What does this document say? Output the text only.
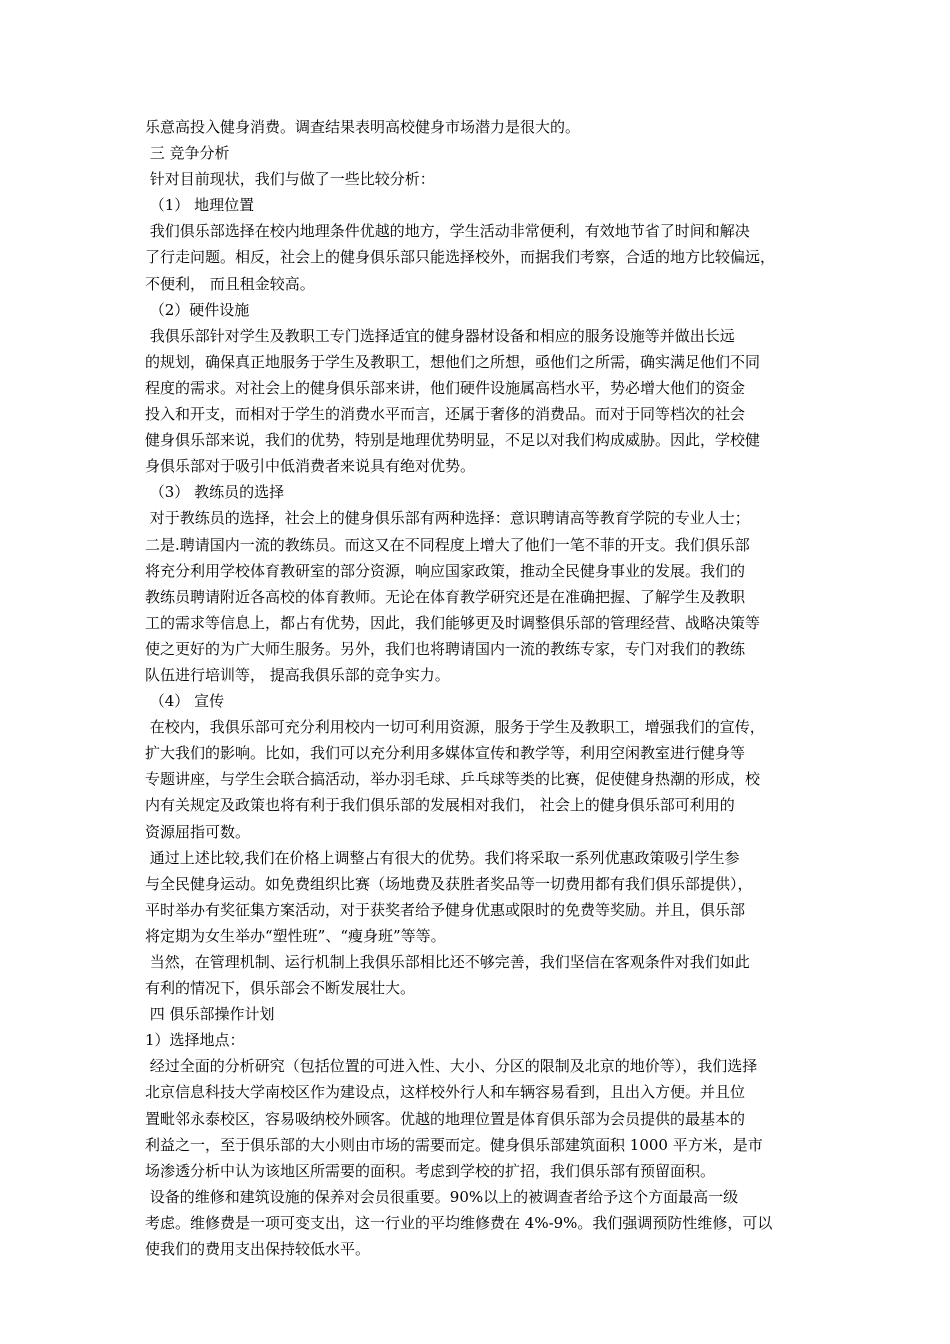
乐意高投入健身消费。调查结果表明高校健身市场潜力是很大的。
三 竞争分析
针对目前现状，我们与做了一些比较分析：
（1） 地理位置
我们俱乐部选择在校内地理条件优越的地方，学生活动非常便利，有效地节省了时间和解决
了行走问题。相反，社会上的健身俱乐部只能选择校外，而据我们考察，合适的地方比较偏远，
不便利， 而且租金较高。
（2）硬件设施
我俱乐部针对学生及教职工专门选择适宜的健身器材设备和相应的服务设施等并做出长远
的规划，确保真正地服务于学生及教职工，想他们之所想，亟他们之所需，确实满足他们不同
程度的需求。对社会上的健身俱乐部来讲，他们硬件设施属高档水平，势必增大他们的资金
投入和开支，而相对于学生的消费水平而言，还属于奢侈的消费品。而对于同等档次的社会
健身俱乐部来说，我们的优势，特别是地理优势明显，不足以对我们构成威胁。因此，学校健
身俱乐部对于吸引中低消费者来说具有绝对优势。
（3） 教练员的选择
对于教练员的选择，社会上的健身俱乐部有两种选择：意识聘请高等教育学院的专业人士；
二是.聘请国内一流的教练员。而这又在不同程度上增大了他们一笔不菲的开支。我们俱乐部
将充分利用学校体育教研室的部分资源，响应国家政策，推动全民健身事业的发展。我们的
教练员聘请附近各高校的体育教师。无论在体育教学研究还是在准确把握、了解学生及教职
工的需求等信息上，都占有优势，因此，我们能够更及时调整俱乐部的管理经营、战略决策等
使之更好的为广大师生服务。另外，我们也将聘请国内一流的教练专家，专门对我们的教练
队伍进行培训等， 提高我俱乐部的竞争实力。
（4） 宣传
在校内，我俱乐部可充分利用校内一切可利用资源，服务于学生及教职工，增强我们的宣传，
扩大我们的影响。比如，我们可以充分利用多媒体宣传和教学等，利用空闲教室进行健身等
专题讲座，与学生会联合搞活动，举办羽毛球、乒乓球等类的比赛，促使健身热潮的形成，校
内有关规定及政策也将有利于我们俱乐部的发展相对我们， 社会上的健身俱乐部可利用的
资源屈指可数。
通过上述比较,我们在价格上调整占有很大的优势。我们将采取一系列优惠政策吸引学生参
与全民健身运动。如免费组织比赛（场地费及获胜者奖品等一切费用都有我们俱乐部提供），
平时举办有奖征集方案活动，对于获奖者给予健身优惠或限时的免费等奖励。并且，俱乐部
将定期为女生举办“塑性班”、“瘦身班”等等。
当然，在管理机制、运行机制上我俱乐部相比还不够完善，我们坚信在客观条件对我们如此
有利的情况下，俱乐部会不断发展壮大。
四 俱乐部操作计划
1）选择地点：
经过全面的分析研究（包括位置的可进入性、大小、分区的限制及北京的地价等），我们选择
北京信息科技大学南校区作为建设点，这样校外行人和车辆容易看到，且出入方便。并且位
置毗邻永泰校区，容易吸纳校外顾客。优越的地理位置是体育俱乐部为会员提供的最基本的
利益之一，至于俱乐部的大小则由市场的需要而定。健身俱乐部建筑面积 1000 平方米，是市
场渗透分析中认为该地区所需要的面积。考虑到学校的扩招，我们俱乐部有预留面积。
设备的维修和建筑设施的保养对会员很重要。90%以上的被调查者给予这个方面最高一级
考虑。维修费是一项可变支出，这一行业的平均维修费在 4%-9%。我们强调预防性维修，可以
使我们的费用支出保持较低水平。
